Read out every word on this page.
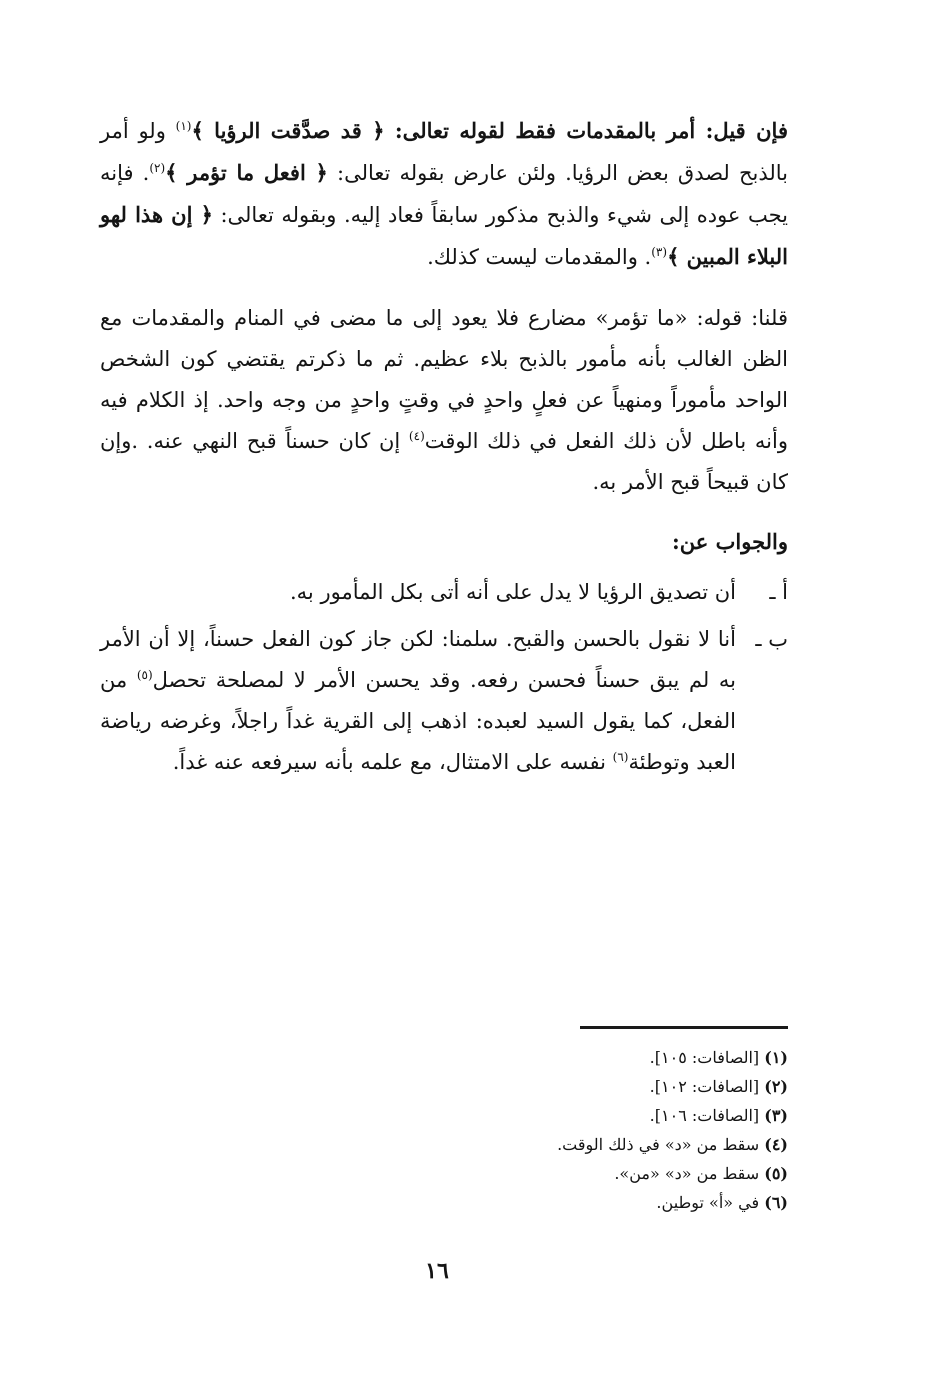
فإن قيل: أمر بالمقدمات فقط لقوله تعالى: ﴿ قد صدَّقت الرؤيا ﴾$^{(١)}$ ولو أمر بالذبح لصدق بعض الرؤيا. ولئن عارض بقوله تعالى: ﴿ افعل ما تؤمر ﴾$^{(٢)}$. فإنه يجب عوده إلى شيء والذبح مذكور سابقاً فعاد إليه. وبقوله تعالى: ﴿ إن هذا لهو البلاء المبين ﴾$^{(٣)}$. والمقدمات ليست كذلك.

قلنا: قوله: «ما تؤمر» مضارع فلا يعود إلى ما مضى في المنام والمقدمات مع الظن الغالب بأنه مأمور بالذبح بلاء عظيم. ثم ما ذكرتم يقتضي كون الشخص الواحد مأموراً ومنهياً عن فعلٍ واحدٍ في وقتٍ واحدٍ من وجه واحد. إذ الكلام فيه وأنه باطل لأن ذلك الفعل في ذلك الوقت$^{(٤)}$ إن كان حسناً قبح النهي عنه. .وإن كان قبيحاً قبح الأمر به.

والجواب عن:
أ ـ
أن تصديق الرؤيا لا يدل على أنه أتى بكل المأمور به.
ب ـ
أنا لا نقول بالحسن والقبح. سلمنا: لكن جاز كون الفعل حسناً، إلا أن الأمر به لم يبق حسناً فحسن رفعه. وقد يحسن الأمر لا لمصلحة تحصل$^{(٥)}$ من الفعل، كما يقول السيد لعبده: اذهب إلى القرية غداً راجلاً، وغرضه رياضة العبد وتوطئة$^{(٦)}$ نفسه على الامتثال، مع علمه بأنه سيرفعه عنه غداً.
(١) [الصافات: ١٠٥].
(٢) [الصافات: ١٠٢].
(٣) [الصافات: ١٠٦].
(٤) سقط من «د» في ذلك الوقت.
(٥) سقط من «د» «من».
(٦) في «أ» توطين.
١٦
